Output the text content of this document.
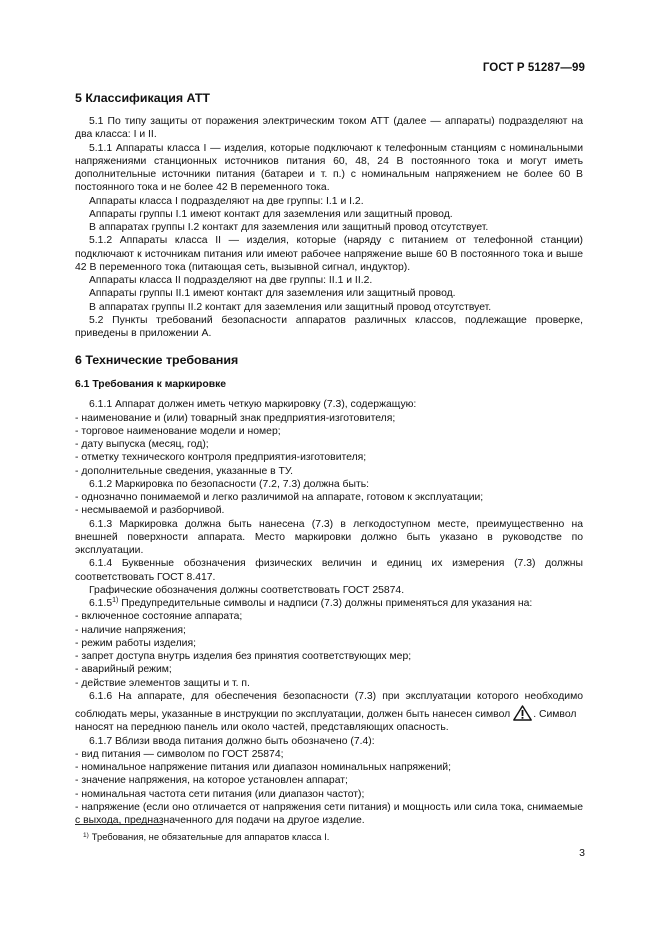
ГОСТ Р 51287—99
5 Классификация АТТ

5.1 По типу защиты от поражения электрическим током АТТ (далее — аппараты) подразделяют на два класса: I и II.

5.1.1 Аппараты класса I — изделия, которые подключают к телефонным станциям с номинальными напряжениями станционных источников питания 60, 48, 24 В постоянного тока и могут иметь дополнительные источники питания (батареи и т. п.) с номинальным напряжением не более 60 В постоянного тока и не более 42 В переменного тока.

Аппараты класса I подразделяют на две группы: I.1 и I.2.

Аппараты группы I.1 имеют контакт для заземления или защитный провод.

В аппаратах группы I.2 контакт для заземления или защитный провод отсутствует.

5.1.2 Аппараты класса II — изделия, которые (наряду с питанием от телефонной станции) подключают к источникам питания или имеют рабочее напряжение выше 60 В постоянного тока и выше 42 В переменного тока (питающая сеть, вызывной сигнал, индуктор).

Аппараты класса II подразделяют на две группы: II.1 и II.2.

Аппараты группы II.1 имеют контакт для заземления или защитный провод.

В аппаратах группы II.2 контакт для заземления или защитный провод отсутствует.

5.2 Пункты требований безопасности аппаратов различных классов, подлежащие проверке, приведены в приложении А.

6 Технические требования
6.1 Требования к маркировке

6.1.1 Аппарат должен иметь четкую маркировку (7.3), содержащую:

- наименование и (или) товарный знак предприятия-изготовителя;

- торговое наименование модели и номер;

- дату выпуска (месяц, год);

- отметку технического контроля предприятия-изготовителя;

- дополнительные сведения, указанные в ТУ.

6.1.2 Маркировка по безопасности (7.2, 7.3) должна быть:

- однозначно понимаемой и легко различимой на аппарате, готовом к эксплуатации;

- несмываемой и разборчивой.

6.1.3 Маркировка должна быть нанесена (7.3) в легкодоступном месте, преимущественно на внешней поверхности аппарата. Место маркировки должно быть указано в руководстве по эксплуатации.

6.1.4 Буквенные обозначения физических величин и единиц их измерения (7.3) должны соответствовать ГОСТ 8.417.

Графические обозначения должны соответствовать ГОСТ 25874.

6.1.5$^{1)}$ Предупредительные символы и надписи (7.3) должны применяться для указания на:

- включенное состояние аппарата;

- наличие напряжения;

- режим работы изделия;

- запрет доступа внутрь изделия без принятия соответствующих мер;

- аварийный режим;

- действие элементов защиты и т. п.

6.1.6 На аппарате, для обеспечения безопасности (7.3) при эксплуатации которого необходимо

соблюдать меры, указанные в инструкции по эксплуатации, должен быть нанесен символ . Символ

наносят на переднюю панель или около частей, представляющих опасность.

6.1.7 Вблизи ввода питания должно быть обозначено (7.4):

- вид питания — символом по ГОСТ 25874;

- номинальное напряжение питания или диапазон номинальных напряжений;

- значение напряжения, на которое установлен аппарат;

- номинальная частота сети питания (или диапазон частот);

- напряжение (если оно отличается от напряжения сети питания) и мощность или сила тока, снимаемые с выхода, предназначенного для подачи на другое изделие.

$^{1)}$ Требования, не обязательные для аппаратов класса I.
3
